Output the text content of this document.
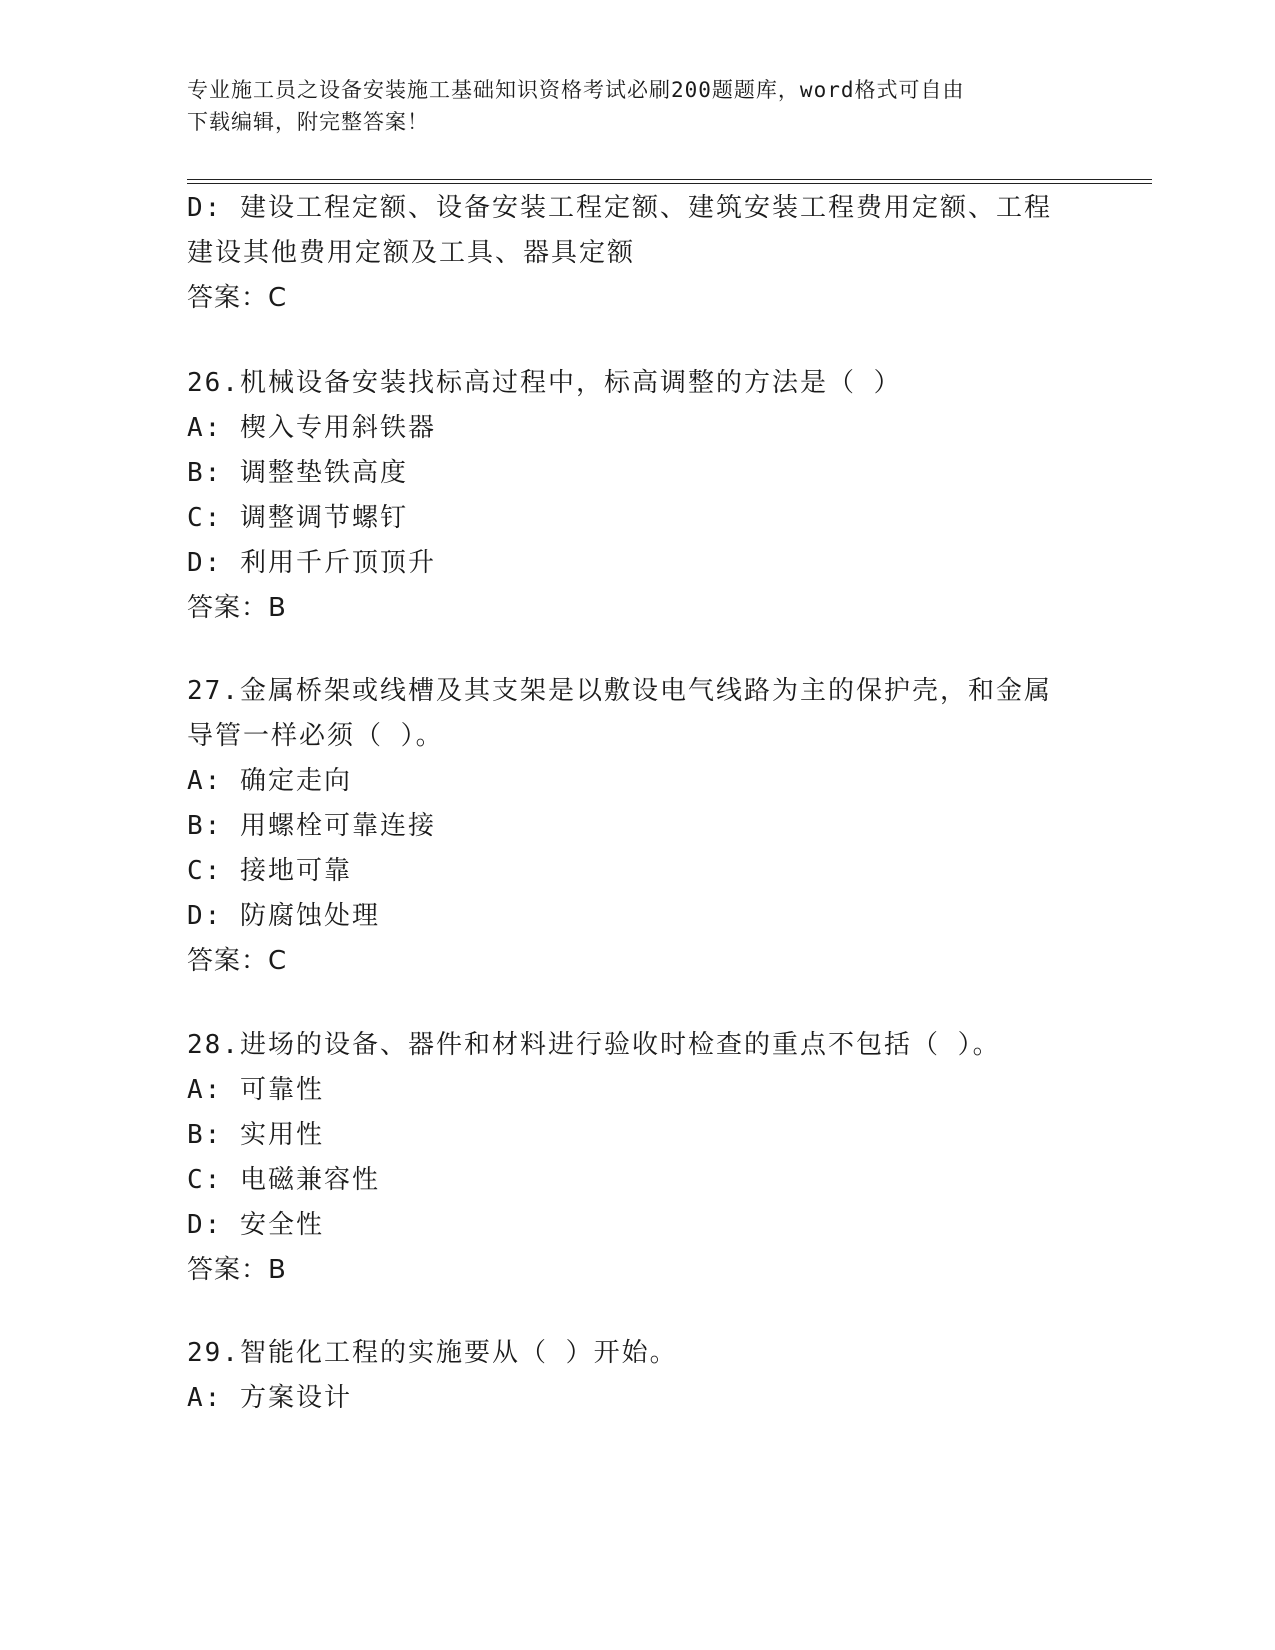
专业施工员之设备安装施工基础知识资格考试必刷200题题库，word格式可自由
下载编辑，附完整答案！
D: 建设工程定额、设备安装工程定额、建筑安装工程费用定额、工程
建设其他费用定额及工具、器具定额
答案：C
26.机械设备安装找标高过程中，标高调整的方法是（ ）
A: 楔入专用斜铁器
B: 调整垫铁高度
C: 调整调节螺钉
D: 利用千斤顶顶升
答案：B
27.金属桥架或线槽及其支架是以敷设电气线路为主的保护壳，和金属
导管一样必须（ ）。
A: 确定走向
B: 用螺栓可靠连接
C: 接地可靠
D: 防腐蚀处理
答案：C
28.进场的设备、器件和材料进行验收时检查的重点不包括（ ）。
A: 可靠性
B: 实用性
C: 电磁兼容性
D: 安全性
答案：B
29.智能化工程的实施要从（ ）开始。
A: 方案设计
